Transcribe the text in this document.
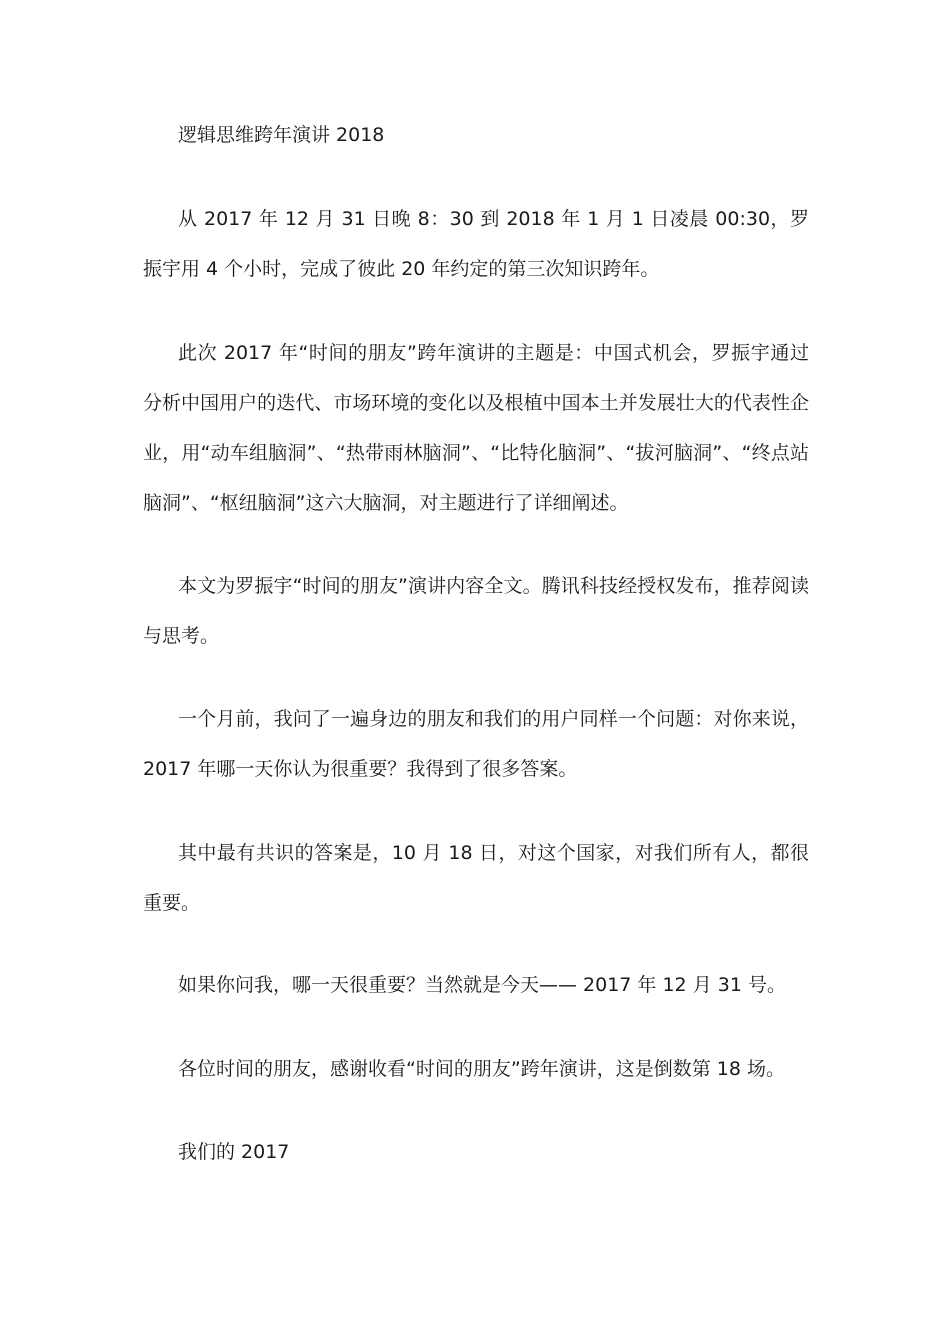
逻辑思维跨年演讲 2018

从 2017 年 12 月 31 日晚 8：30 到 2018 年 1 月 1 日凌晨 00:30，罗振宇用 4 个小时，完成了彼此 20 年约定的第三次知识跨年。

此次 2017 年“时间的朋友”跨年演讲的主题是：中国式机会，罗振宇通过分析中国用户的迭代、市场环境的变化以及根植中国本土并发展壮大的代表性企业，用“动车组脑洞”、“热带雨林脑洞”、“比特化脑洞”、“拔河脑洞”、“终点站脑洞”、“枢纽脑洞”这六大脑洞，对主题进行了详细阐述。

本文为罗振宇“时间的朋友”演讲内容全文。腾讯科技经授权发布，推荐阅读与思考。

一个月前，我问了一遍身边的朋友和我们的用户同样一个问题：对你来说，2017 年哪一天你认为很重要？我得到了很多答案。

其中最有共识的答案是，10 月 18 日，对这个国家，对我们所有人，都很重要。

如果你问我，哪一天很重要？当然就是今天—— 2017 年 12 月 31 号。

各位时间的朋友，感谢收看“时间的朋友”跨年演讲，这是倒数第 18 场。

我们的 2017
